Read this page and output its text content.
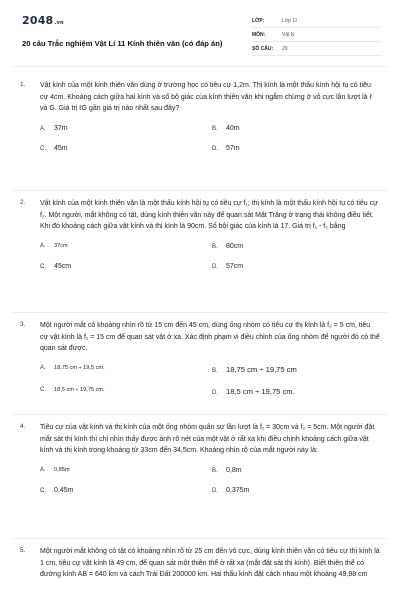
2048.vn
20 câu Trắc nghiệm Vật Lí 11 Kính thiên văn (có đáp án)
LỚP:	Lớp 11
MÔN:	Vật lý
SỐ CÂU:	20
1.	Vật kính của một kính thiên văn dùng ở trường học có tiêu cự 1,2m. Thị kính là một thấu kính hội tụ có tiêu cự 4cm. Khoảng cách giữa hai kính và số bộ giác của kính thiên văn khi ngắm chừng ở vô cực lần lượt là ℓ và G. Giá trị ℓG gần giá trị nào nhất sau đây?
A.	37m	B.	40m
C.	45m	D.	57m
2.	Vật kính của một kính thiên văn là một thấu kính hội tụ có tiêu cự f₁; thị kính là một thấu kính hội tụ có tiêu cự f₂. Một người, mắt không có tật, dùng kính thiên văn này để quan sát Mặt Trăng ở trạng thái không điều tiết. Khi đó khoảng cách giữa vật kính và thị kính là 90cm. Số bội giác của kính là 17. Giá trị f₁ - f₂ bằng
A.	37cm	B.	80cm
C.	45cm	D.	57cm
3.	Một người mắt có khoảng nhìn rõ từ 15 cm đến 45 cm, dùng ống nhòm có tiêu cự thị kính là f₂ = 5 cm, tiêu cự vật kính là f₁ = 15 cm để quan sát vật ở xa. Xác định phạm vi điều chỉnh của ống nhòm để người đó có thể quan sát được.
A.	18,75 cm ÷ 19,5 cm.	B.	18,75 cm ÷ 19,75 cm
C.	18,5 cm ÷ 19,75 cm.	D.	18,5 cm ÷ 19,75 cm.
4.	Tiêu cự của vật kính và thị kính của một ống nhòm quân sự lần lượt là f₁ = 30cm và f₂ = 5cm. Một người đặt mắt sát thị kính thì chỉ nhìn thấy được ảnh rõ nét của một vật ở rất xa khi điều chỉnh khoảng cách giữa vật kính và thị kính trong khoảng từ 33cm đến 34,5cm. Khoảng nhìn rõ của mắt người này là:
A.	0,85m	B.	0,8m
C.	0,45m	D.	0,375m
5.	Một người mắt không có tật có khoảng nhìn rõ từ 25 cm đến vô cực, dùng kính thiên văn có tiêu cự thị kính là 1 cm, tiêu cự vật kính là 49 cm, để quan sát một thiên thể ở rất xa (mắt đặt sát thị kính). Biết thiên thể có đường kính AB = 640 km và cách Trái Đất 200000 km. Hai thấu kính đặt cách nhau một khoảng 49,98 cm
